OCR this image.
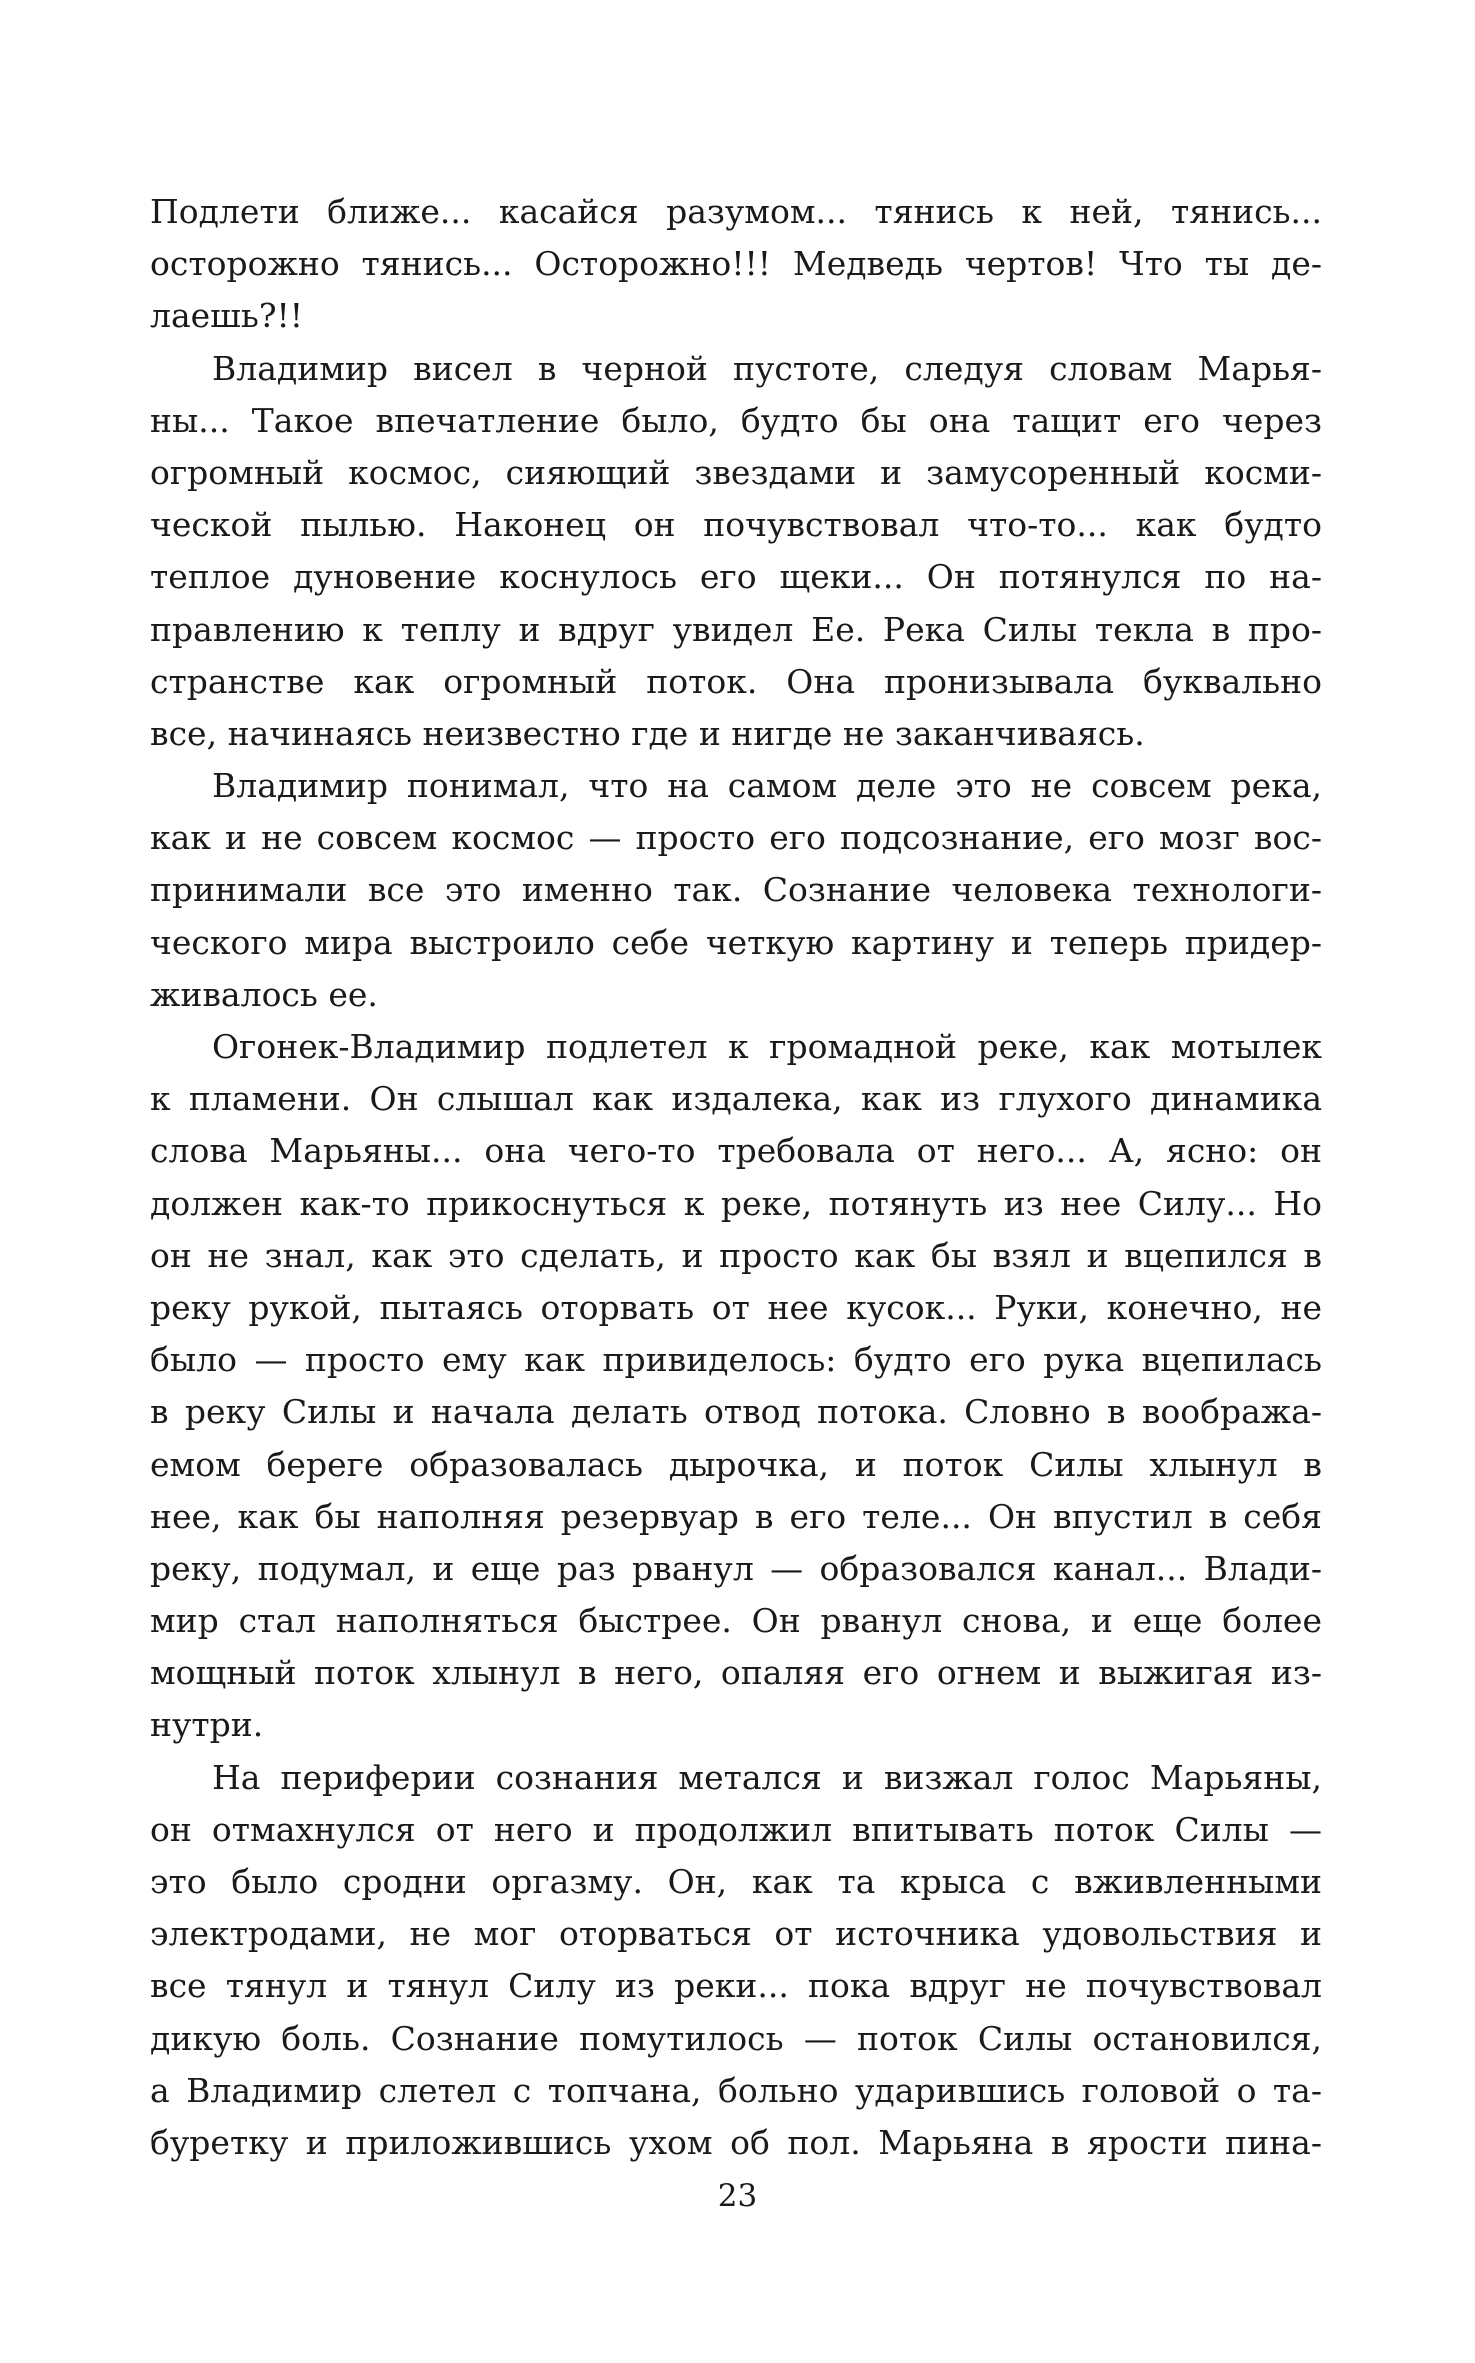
Подлети ближе... касайся разумом... тянись к ней, тянись...
осторожно тянись... Осторожно!!! Медведь чертов! Что ты де-
лаешь?!!
Владимир висел в черной пустоте, следуя словам Марья-
ны... Такое впечатление было, будто бы она тащит его через
огромный космос, сияющий звездами и замусоренный косми-
ческой пылью. Наконец он почувствовал что-то... как будто
теплое дуновение коснулось его щеки... Он потянулся по на-
правлению к теплу и вдруг увидел Ее. Река Силы текла в про-
странстве как огромный поток. Она пронизывала буквально
все, начинаясь неизвестно где и нигде не заканчиваясь.
Владимир понимал, что на самом деле это не совсем река,
как и не совсем космос — просто его подсознание, его мозг вос-
принимали все это именно так. Сознание человека технологи-
ческого мира выстроило себе четкую картину и теперь придер-
живалось ее.
Огонек-Владимир подлетел к громадной реке, как мотылек
к пламени. Он слышал как издалека, как из глухого динамика
слова Марьяны... она чего-то требовала от него... А, ясно: он
должен как-то прикоснуться к реке, потянуть из нее Силу... Но
он не знал, как это сделать, и просто как бы взял и вцепился в
реку рукой, пытаясь оторвать от нее кусок... Руки, конечно, не
было — просто ему как привиделось: будто его рука вцепилась
в реку Силы и начала делать отвод потока. Словно в вообража-
емом береге образовалась дырочка, и поток Силы хлынул в
нее, как бы наполняя резервуар в его теле... Он впустил в себя
реку, подумал, и еще раз рванул — образовался канал... Влади-
мир стал наполняться быстрее. Он рванул снова, и еще более
мощный поток хлынул в него, опаляя его огнем и выжигая из-
нутри.
На периферии сознания метался и визжал голос Марьяны,
он отмахнулся от него и продолжил впитывать поток Силы —
это было сродни оргазму. Он, как та крыса с вживленными
электродами, не мог оторваться от источника удовольствия и
все тянул и тянул Силу из реки... пока вдруг не почувствовал
дикую боль. Сознание помутилось — поток Силы остановился,
а Владимир слетел с топчана, больно ударившись головой о та-
буретку и приложившись ухом об пол. Марьяна в ярости пина-
23
